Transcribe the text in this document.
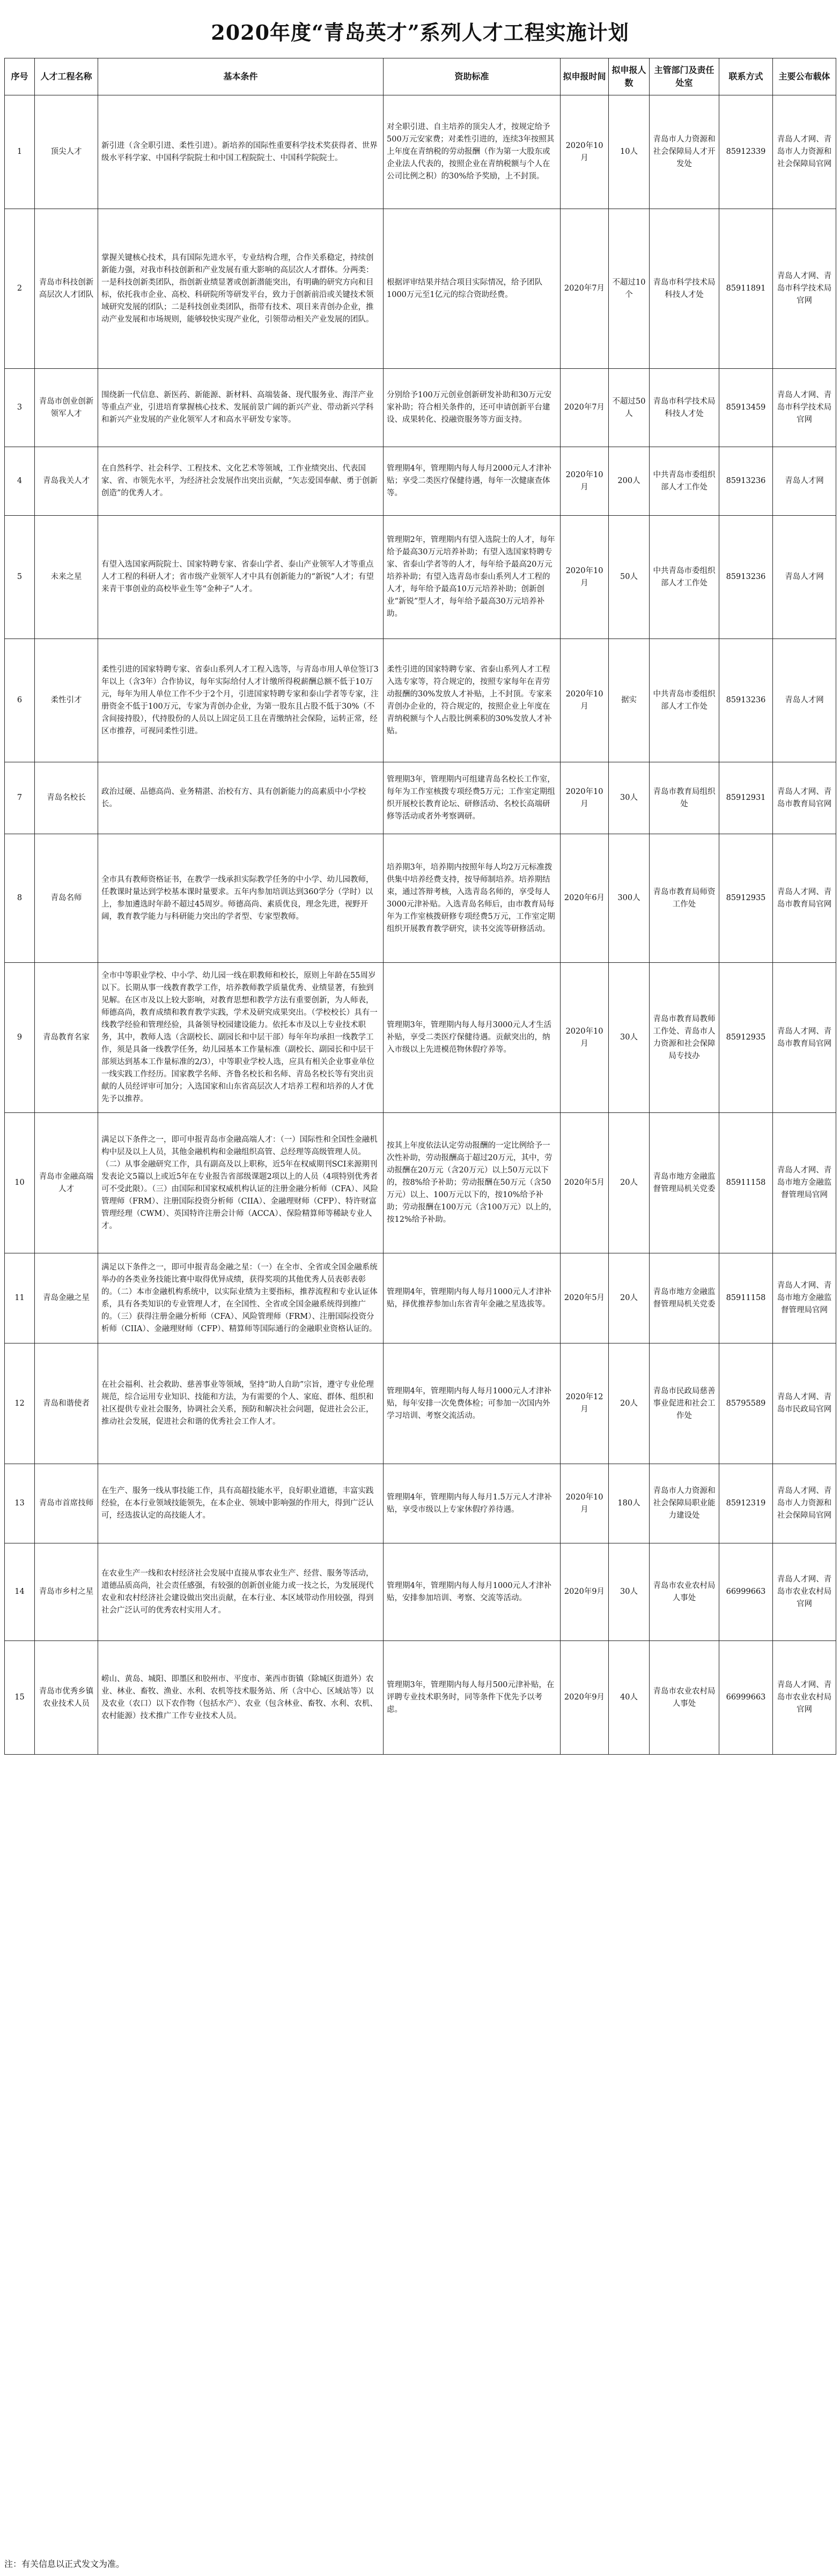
2020年度“青岛英才”系列人才工程实施计划
序号	人才工程名称	基本条件	资助标准	拟申报时间	拟申报人数	主管部门及责任处室	联系方式	主要公布载体
1	顶尖人才	新引进（含全职引进、柔性引进）。新培养的国际性重要科学技术奖获得者、世界级水平科学家、中国科学院院士和中国工程院院士、中国科学院院士。	对全职引进、自主培养的顶尖人才，按规定给予500万元安家费；对柔性引进的，连续3年按照其上年度在青纳税的劳动报酬（作为第一大股东或企业法人代表的，按照企业在青纳税额与个人在公司比例之积）的30%给予奖励，上不封顶。	2020年10月	10人	青岛市人力资源和社会保障局人才开发处	85912339	青岛人才网、青岛市人力资源和社会保障局官网
2	青岛市科技创新高层次人才团队	掌握关键核心技术，具有国际先进水平，专业结构合理，合作关系稳定，持续创新能力强，对我市科技创新和产业发展有重大影响的高层次人才群体。分两类：一是科技创新类团队，指创新业绩显著或创新潜能突出，有明确的研究方向和目标，依托我市企业、高校、科研院所等研发平台，致力于创新前沿或关键技术领域研究发展的团队；二是科技创业类团队，指带有技术、项目来青创办企业，推动产业发展和市场规则，能够较快实现产业化，引领带动相关产业发展的团队。	根据评审结果并结合项目实际情况，给予团队1000万元至1亿元的综合资助经费。	2020年7月	不超过10个	青岛市科学技术局科技人才处	85911891	青岛人才网、青岛市科学技术局官网
3	青岛市创业创新领军人才	围绕新一代信息、新医药、新能源、新材料、高端装备、现代服务业、海洋产业等重点产业，引进培育掌握核心技术、发展前景广阔的新兴产业、带动新兴学科和新兴产业发展的产业化领军人才和高水平研发专家等。	分别给予100万元创业创新研发补助和30万元安家补助；符合相关条件的，还可申请创新平台建设、成果转化、投融资服务等方面支持。	2020年7月	不超过50人	青岛市科学技术局科技人才处	85913459	青岛人才网、青岛市科学技术局官网
4	青岛我关人才	在自然科学、社会科学、工程技术、文化艺术等领域，工作业绩突出、代表国家、省、市领先水平，为经济社会发展作出突出贡献，“矢志爱国奉献、勇于创新创造”的优秀人才。	管理期4年，管理期内每人每月2000元人才津补贴；享受二类医疗保健待遇，每年一次健康查体等。	2020年10月	200人	中共青岛市委组织部人才工作处	85913236	青岛人才网
5	未来之星	有望入选国家两院院士、国家特聘专家、省泰山学者、泰山产业领军人才等重点人才工程的科研人才；省市级产业领军人才中具有创新能力的“新锐”人才；有望来青干事创业的高校毕业生等“金种子”人才。	管理期2年，管理期内有望入选院士的人才，每年给予最高30万元培养补助；有望入选国家特聘专家、省泰山学者等的人才，每年给予最高20万元培养补助；有望入选青岛市泰山系列人才工程的人才，每年给予最高10万元培养补助；创新创业“新锐”型人才，每年给予最高30万元培养补助。	2020年10月	50人	中共青岛市委组织部人才工作处	85913236	青岛人才网
6	柔性引才	柔性引进的国家特聘专家、省泰山系列人才工程入选等，与青岛市用人单位签订3年以上（含3年）合作协议，每年实际给付人才计缴所得税薪酬总额不低于10万元，每年为用人单位工作不少于2个月，引进国家特聘专家和泰山学者等专家，注册资金不低于100万元，专家为青创办企业，为第一股东且占股不低于30%（不含间接持股），代持股份的人员以上固定员工且在青缴纳社会保险，运转正常，经区市推荐，可视同柔性引进。	柔性引进的国家特聘专家、省泰山系列人才工程入选专家等，符合规定的，按照专家每年在青劳动报酬的30%发放人才补贴，上不封顶。专家来青创办企业的，符合规定的，按照企业上年度在青纳税额与个人占股比例乘积的30%发放人才补贴。	2020年10月	据实	中共青岛市委组织部人才工作处	85913236	青岛人才网
7	青岛名校长	政治过硬、品德高尚、业务精湛、治校有方、具有创新能力的高素质中小学校长。	管理期3年，管理期内可组建青岛名校长工作室，每年为工作室核拨专项经费5万元；工作室定期组织开展校长教育论坛、研修活动、名校长高端研修等活动或者外考察调研。	2020年10月	30人	青岛市教育局组织处	85912931	青岛人才网、青岛市教育局官网
8	青岛名师	全市具有教师资格证书，在教学一线承担实际教学任务的中小学、幼儿园教师，任教课时量达到学校基本课时量要求。五年内参加培训达到360学分（学时）以上，参加遴选时年龄不超过45周岁。师德高尚、素质优良，理念先进，视野开阔，教育教学能力与科研能力突出的学者型、专家型教师。	培养期3年，培养期内按照年每人均2万元标准拨供集中培养经费支持，按导师制培养。培养期结束，通过答辩考核，入选青岛名师的，享受每人3000元津补贴。入选青岛名师后，由市教育局每年为工作室核拨研修专项经费5万元，工作室定期组织开展教育教学研究，读书交流等研修活动。	2020年6月	300人	青岛市教育局师资工作处	85912935	青岛人才网、青岛市教育局官网
9	青岛教育名家	全市中等职业学校、中小学、幼儿园一线在职教师和校长，原则上年龄在55周岁以下。长期从事一线教育教学工作，培养教师教学质量优秀、业绩显著，有独到见解。在区市及以上较大影响，对教育思想和教学方法有重要创新，为人师表，师德高尚，教育成绩和教育教学实践，学术及研究成果突出。（学校校长）具有一线教学经验和管理经验，具备领导校园建设能力。依托本市及以上专业技术职务，其中，教师人选（含副校长、副园长和中层干部）每年年均承担一线教学工作，须是具备一线教学任务，幼儿园基本工作量标准（副校长、副园长和中层干部须达到基本工作量标准的2/3），中等职业学校人选，应具有相关企业事业单位一线实践工作经历。国家教学名师、齐鲁名校长和名师、青岛名校长等有突出贡献的人员经评审可加分；入选国家和山东省高层次人才培养工程和培养的人才优先予以推荐。	管理期3年，管理期内每人每月3000元人才生活补贴，享受二类医疗保健待遇。贡献突出的，纳入市级以上先进模范物休假疗养等。	2020年10月	30人	青岛市教育局教师工作处、青岛市人力资源和社会保障局专技办	85912935	青岛人才网、青岛市教育局官网
10	青岛市金融高端人才	满足以下条件之一，即可申报青岛市金融高端人才：（一）国际性和全国性金融机构中层及以上人员，其他金融机构和金融组织高管、总经理等高级管理人员。（二）从事金融研究工作，具有副高及以上职称，近5年在权威期刊SCI来源期刊发表论文5篇以上或近5年在专业报告省部级课题2项以上的人员（4项特别优秀者可不受此限）。（三）由国际和国家权威机构认证的注册金融分析师（CFA）、风险管理师（FRM）、注册国际投资分析师（CIIA）、金融理财师（CFP）、特许财富管理经理（CWM）、英国特许注册会计师（ACCA）、保险精算师等稀缺专业人才。	按其上年度依法认定劳动报酬的一定比例给予一次性补助，劳动报酬高于超过20万元，其中，劳动报酬在20万元（含20万元）以上50万元以下的，按8%给予补助；劳动报酬在50万元（含50万元）以上、100万元以下的，按10%给予补助；劳动报酬在100万元（含100万元）以上的，按12%给予补助。	2020年5月	20人	青岛市地方金融监督管理局机关党委	85911158	青岛人才网、青岛市地方金融监督管理局官网
11	青岛金融之星	满足以下条件之一，即可申报青岛金融之星：（一）在全市、全省或全国金融系统举办的各类业务技能比赛中取得优异成绩，获得奖项的其他优秀人员表彰表彰的。（二）本市金融机构系统中，以实际业绩为主要指标，推荐流程和专业认证体系，具有各类知识的专业管理人才，在全国性、全省或全国金融系统得到推广的。（三）获得注册金融分析师（CFA）、风险管理师（FRM）、注册国际投资分析师（CIIA）、金融理财师（CFP）、精算师等国际通行的金融职业资格认证的。	管理期4年，管理期内每人每月1000元人才津补贴，择优推荐参加山东省青年金融之星选拔等。	2020年5月	20人	青岛市地方金融监督管理局机关党委	85911158	青岛人才网、青岛市地方金融监督管理局官网
12	青岛和谐使者	在社会福利、社会救助、慈善事业等领域，坚持“助人自助”宗旨，遵守专业伦理规范，综合运用专业知识、技能和方法，为有需要的个人、家庭、群体、组织和社区提供专业社会服务，协调社会关系，预防和解决社会问题，促进社会公正，推动社会发展，促进社会和谐的优秀社会工作人才。	管理期4年，管理期内每人每月1000元人才津补贴，每年安排一次免费体检；可参加一次国内外学习培训、考察交流活动。	2020年12月	20人	青岛市民政局慈善事业促进和社会工作处	85795589	青岛人才网、青岛市民政局官网
13	青岛市首席技师	在生产、服务一线从事技能工作，具有高超技能水平，良好职业道德，丰富实践经验，在本行业领域技能领先，在本企业、领域中影响强的作用大，得到广泛认可，经选拔认定的高技能人才。	管理期4年，管理期内每人每月1.5万元人才津补贴，享受市级以上专家休假疗养待遇。	2020年10月	180人	青岛市人力资源和社会保障局职业能力建设处	85912319	青岛人才网、青岛市人力资源和社会保障局官网
14	青岛市乡村之星	在农业生产一线和农村经济社会发展中直接从事农业生产、经营、服务等活动，道德品质高尚，社会责任感强，有较强的创新创业能力或一技之长，为发展现代农业和农村经济社会建设做出突出贡献，在本行业、本区域带动作用较强，得到社会广泛认可的优秀农村实用人才。	管理期4年，管理期内每人每月1000元人才津补贴，安排参加培训、考察、交流等活动。	2020年9月	30人	青岛市农业农村局人事处	66999663	青岛人才网、青岛市农业农村局官网
15	青岛市优秀乡镇农业技术人员	崂山、黄岛、城阳、即墨区和胶州市、平度市、莱西市街镇（除城区街道外）农业、林业、畜牧、渔业、水利、农机等技术服务站、所（含中心、区域站等）以及农业（农口）以下农作物（包括水产）、农业（包含林业、畜牧、水利、农机、农村能源）技术推广工作专业技术人员。	管理期3年，管理期内每人每月500元津补贴，在评聘专业技术职务时，同等条件下优先予以考虑。	2020年9月	40人	青岛市农业农村局人事处	66999663	青岛人才网、青岛市农业农村局官网
注：有关信息以正式发文为准。
